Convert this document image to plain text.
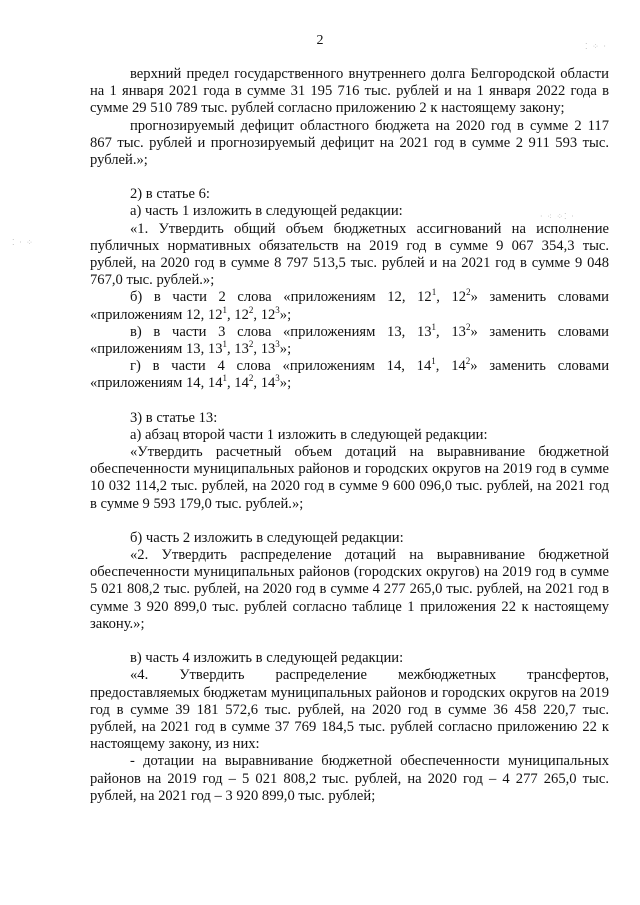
2	⁚ ⁘ ·
· ⁖ ⁘⁚ ·
⁚ · ⁘

верхний предел государственного внутреннего долга Белгородской области на 1 января 2021 года в сумме 31 195 716 тыс. рублей и на 1 января 2022 года в сумме 29 510 789 тыс. рублей согласно приложению 2 к настоящему закону;

прогнозируемый дефицит областного бюджета на 2020 год в сумме 2 117 867 тыс. рублей и прогнозируемый дефицит на 2021 год в сумме 2 911 593 тыс. рублей.»;

2) в статье 6:

а) часть 1 изложить в следующей редакции:

«1. Утвердить общий объем бюджетных ассигнований на исполнение публичных нормативных обязательств на 2019 год в сумме 9 067 354,3 тыс. рублей, на 2020 год в сумме 8 797 513,5 тыс. рублей и на 2021 год в сумме 9 048 767,0 тыс. рублей.»;

б) в части 2 слова «приложениям 12, $12^1$, $12^2$» заменить словами «приложениям 12, $12^1$, $12^2$, $12^3$»;

в) в части 3 слова «приложениям 13, $13^1$, $13^2$» заменить словами «приложениям 13, $13^1$, $13^2$, $13^3$»;

г) в части 4 слова «приложениям 14, $14^1$, $14^2$» заменить словами «приложениям 14, $14^1$, $14^2$, $14^3$»;

3) в статье 13:

а) абзац второй части 1 изложить в следующей редакции:

«Утвердить расчетный объем дотаций на выравнивание бюджетной обеспеченности муниципальных районов и городских округов на 2019 год в сумме 10 032 114,2 тыс. рублей, на 2020 год в сумме 9 600 096,0 тыс. рублей, на 2021 год в сумме 9 593 179,0 тыс. рублей.»;

б) часть 2 изложить в следующей редакции:

«2. Утвердить распределение дотаций на выравнивание бюджетной обеспеченности муниципальных районов (городских округов) на 2019 год в сумме 5 021 808,2 тыс. рублей, на 2020 год в сумме 4 277 265,0 тыс. рублей, на 2021 год в сумме 3 920 899,0 тыс. рублей согласно таблице 1 приложения 22 к настоящему закону.»;

в) часть 4 изложить в следующей редакции:

«4. Утвердить распределение межбюджетных трансфертов, предоставляемых бюджетам муниципальных районов и городских округов на 2019 год в сумме 39 181 572,6 тыс. рублей, на 2020 год в сумме 36 458 220,7 тыс. рублей, на 2021 год в сумме 37 769 184,5 тыс. рублей согласно приложению 22 к настоящему закону, из них:

- дотации на выравнивание бюджетной обеспеченности муниципальных районов на 2019 год – 5 021 808,2 тыс. рублей, на 2020 год – 4 277 265,0 тыс. рублей, на 2021 год – 3 920 899,0 тыс. рублей;
